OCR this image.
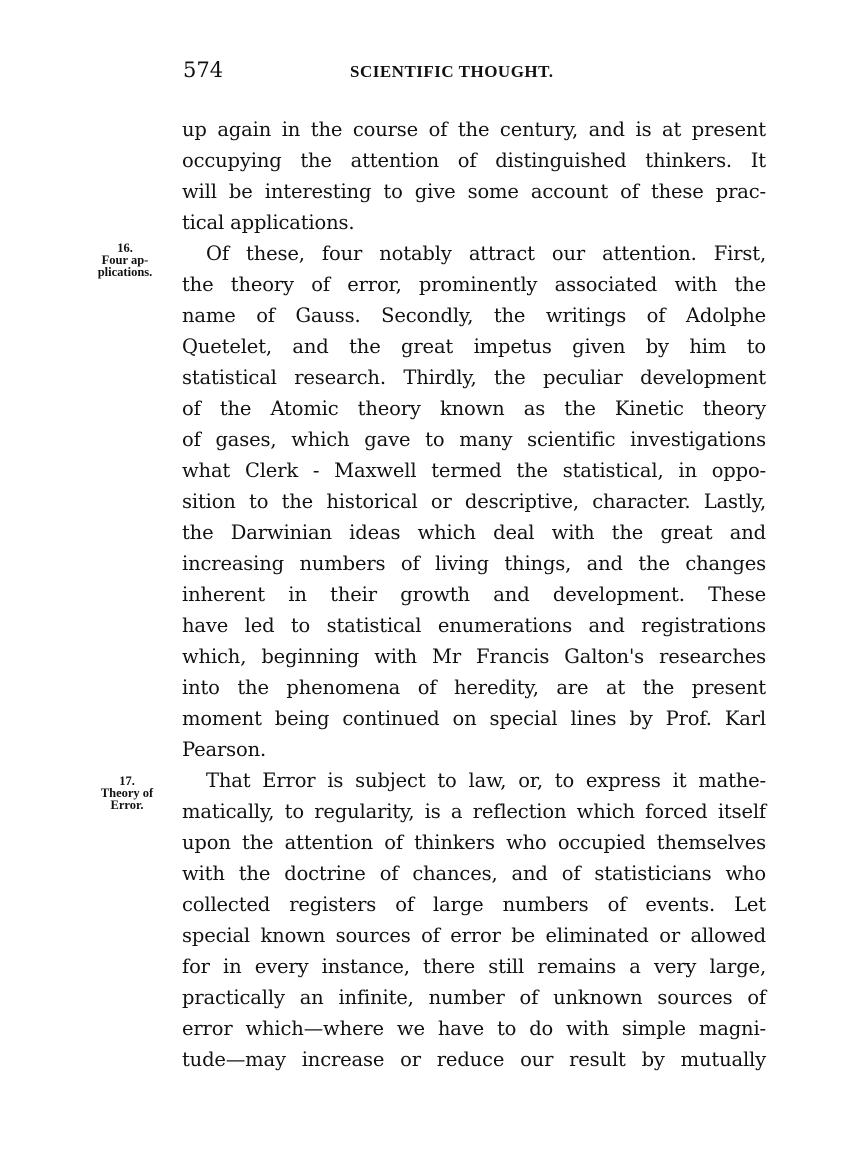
574	SCIENTIFIC THOUGHT.
up again in the course of the century, and is at present
occupying the attention of distinguished thinkers. It
will be interesting to give some account of these prac-
tical applications.
16.
Four ap-
plications.
Of these, four notably attract our attention. First,
the theory of error, prominently associated with the
name of Gauss. Secondly, the writings of Adolphe
Quetelet, and the great impetus given by him to
statistical research. Thirdly, the peculiar development
of the Atomic theory known as the Kinetic theory
of gases, which gave to many scientific investigations
what Clerk - Maxwell termed the statistical, in oppo-
sition to the historical or descriptive, character. Lastly,
the Darwinian ideas which deal with the great and
increasing numbers of living things, and the changes
inherent in their growth and development. These
have led to statistical enumerations and registrations
which, beginning with Mr Francis Galton's researches
into the phenomena of heredity, are at the present
moment being continued on special lines by Prof. Karl
Pearson.
17.
Theory of
Error.
That Error is subject to law, or, to express it mathe-
matically, to regularity, is a reflection which forced itself
upon the attention of thinkers who occupied themselves
with the doctrine of chances, and of statisticians who
collected registers of large numbers of events. Let
special known sources of error be eliminated or allowed
for in every instance, there still remains a very large,
practically an infinite, number of unknown sources of
error which—where we have to do with simple magni-
tude—may increase or reduce our result by mutually
